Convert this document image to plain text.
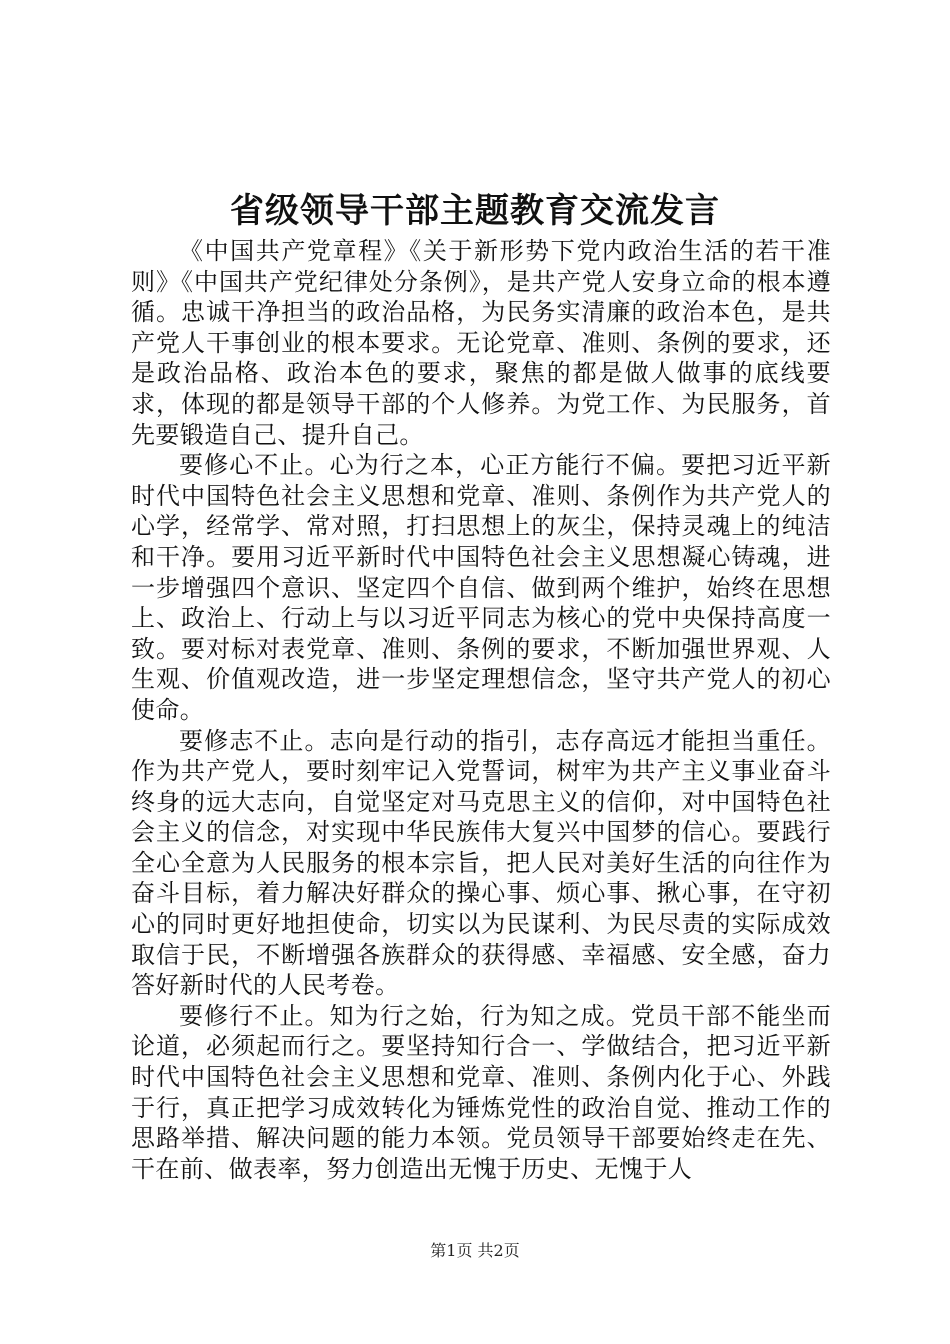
省级领导干部主题教育交流发言

《中国共产党章程》《关于新形势下党内政治生活的若干准则》《中国共产党纪律处分条例》，是共产党人安身立命的根本遵循。忠诚干净担当的政治品格，为民务实清廉的政治本色，是共产党人干事创业的根本要求。无论党章、准则、条例的要求，还是政治品格、政治本色的要求，聚焦的都是做人做事的底线要求，体现的都是领导干部的个人修养。为党工作、为民服务，首先要锻造自己、提升自己。

要修心不止。心为行之本，心正方能行不偏。要把习近平新时代中国特色社会主义思想和党章、准则、条例作为共产党人的心学，经常学、常对照，打扫思想上的灰尘，保持灵魂上的纯洁和干净。要用习近平新时代中国特色社会主义思想凝心铸魂，进一步增强四个意识、坚定四个自信、做到两个维护，始终在思想上、政治上、行动上与以习近平同志为核心的党中央保持高度一致。要对标对表党章、准则、条例的要求，不断加强世界观、人生观、价值观改造，进一步坚定理想信念，坚守共产党人的初心使命。

要修志不止。志向是行动的指引，志存高远才能担当重任。作为共产党人，要时刻牢记入党誓词，树牢为共产主义事业奋斗终身的远大志向，自觉坚定对马克思主义的信仰，对中国特色社会主义的信念，对实现中华民族伟大复兴中国梦的信心。要践行全心全意为人民服务的根本宗旨，把人民对美好生活的向往作为奋斗目标，着力解决好群众的操心事、烦心事、揪心事，在守初心的同时更好地担使命，切实以为民谋利、为民尽责的实际成效取信于民，不断增强各族群众的获得感、幸福感、安全感，奋力答好新时代的人民考卷。

要修行不止。知为行之始，行为知之成。党员干部不能坐而论道，必须起而行之。要坚持知行合一、学做结合，把习近平新时代中国特色社会主义思想和党章、准则、条例内化于心、外践于行，真正把学习成效转化为锤炼党性的政治自觉、推动工作的思路举措、解决问题的能力本领。党员领导干部要始终走在先、干在前、做表率，努力创造出无愧于历史、无愧于人

第1页 共2页
